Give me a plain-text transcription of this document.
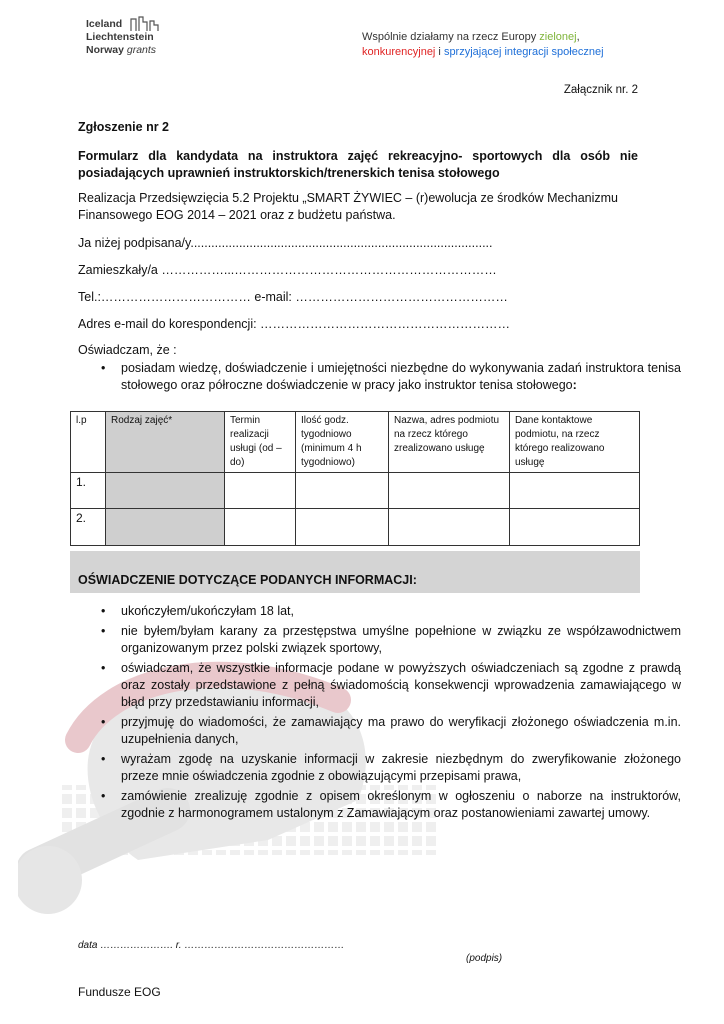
Iceland
Liechtenstein
Norway grants
Wspólnie działamy na rzecz Europy zielonej,
konkurencyjnej i sprzyjającej integracji społecznej
Załącznik nr. 2
Zgłoszenie nr 2
Formularz dla kandydata na instruktora zajęć rekreacyjno- sportowych dla osób nie posiadających uprawnień instruktorskich/trenerskich tenisa stołowego
Realizacja Przedsięwzięcia 5.2 Projektu „SMART ŻYWIEC – (r)ewolucja ze środków Mechanizmu Finansowego EOG 2014 – 2021 oraz z budżetu państwa.
Ja niżej podpisana/y.......................................................................................
Zamieszkały/a ……………...………………………………………………………
Tel.:……………………………… e-mail: ……………………………………………
Adres e-mail do korespondencji: ……………………………………………………
Oświadczam, że :
• posiadam wiedzę, doświadczenie i umiejętności niezbędne do wykonywania zadań instruktora tenisa stołowego oraz półroczne doświadczenie w pracy jako instruktor tenisa stołowego:
l.p	Rodzaj zajęć*	Termin realizacji usługi (od – do)	Ilość godz. tygodniowo (minimum 4 h tygodniowo)	Nazwa, adres podmiotu na rzecz którego zrealizowano usługę	Dane kontaktowe podmiotu, na rzecz którego realizowano usługę
1.					
2.					
OŚWIADCZENIE DOTYCZĄCE PODANYCH INFORMACJI:
• ukończyłem/ukończyłam 18 lat,
• nie byłem/byłam karany za przestępstwa umyślne popełnione w związku ze współzawodnictwem organizowanym przez polski związek sportowy,
• oświadczam, że wszystkie informacje podane w powyższych oświadczeniach są zgodne z prawdą oraz zostały przedstawione z pełną świadomością konsekwencji wprowadzenia zamawiającego w błąd przy przedstawianiu informacji,
• przyjmuję do wiadomości, że zamawiający ma prawo do weryfikacji złożonego oświadczenia m.in. uzupełnienia danych,
• wyrażam zgodę na uzyskanie informacji w zakresie niezbędnym do zweryfikowanie złożonego przeze mnie oświadczenia zgodnie z obowiązującymi przepisami prawa,
• zamówienie zrealizuję zgodnie z opisem określonym w ogłoszeniu o naborze na instruktorów, zgodnie z harmonogramem ustalonym z Zamawiającym oraz postanowieniami zawartej umowy.
data …………………. r. …………………………………………
(podpis)
Fundusze EOG
